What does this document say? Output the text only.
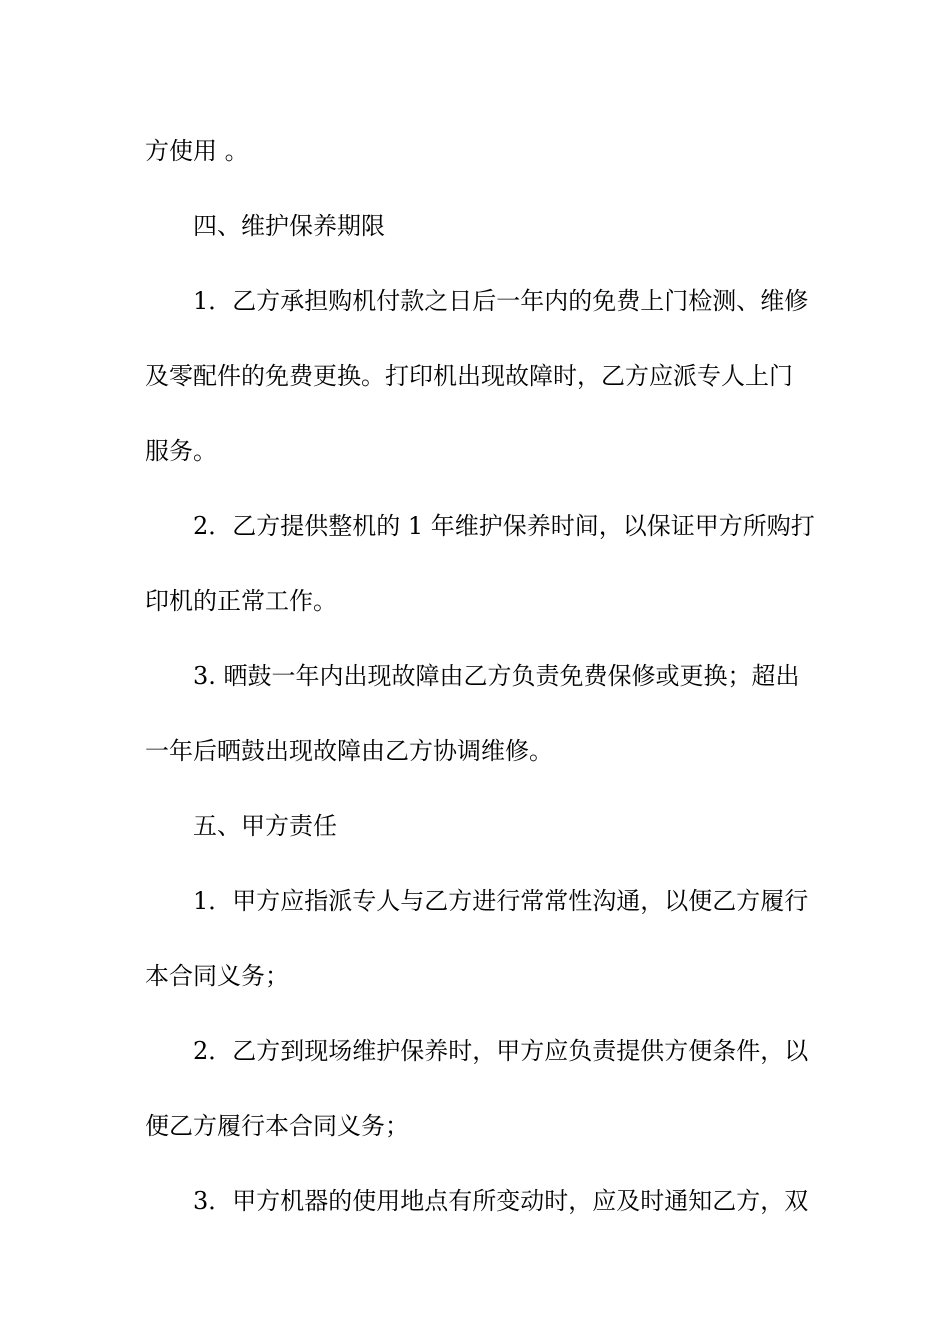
方使用 。
四、维护保养期限
1．乙方承担购机付款之日后一年内的免费上门检测、维修
及零配件的免费更换。打印机出现故障时，乙方应派专人上门
服务。
2．乙方提供整机的 1 年维护保养时间，以保证甲方所购打
印机的正常工作。
3. 晒鼓一年内出现故障由乙方负责免费保修或更换；超出
一年后晒鼓出现故障由乙方协调维修。
五、甲方责任
1．甲方应指派专人与乙方进行常常性沟通，以便乙方履行
本合同义务；
2．乙方到现场维护保养时，甲方应负责提供方便条件，以
便乙方履行本合同义务；
3．甲方机器的使用地点有所变动时，应及时通知乙方，双
